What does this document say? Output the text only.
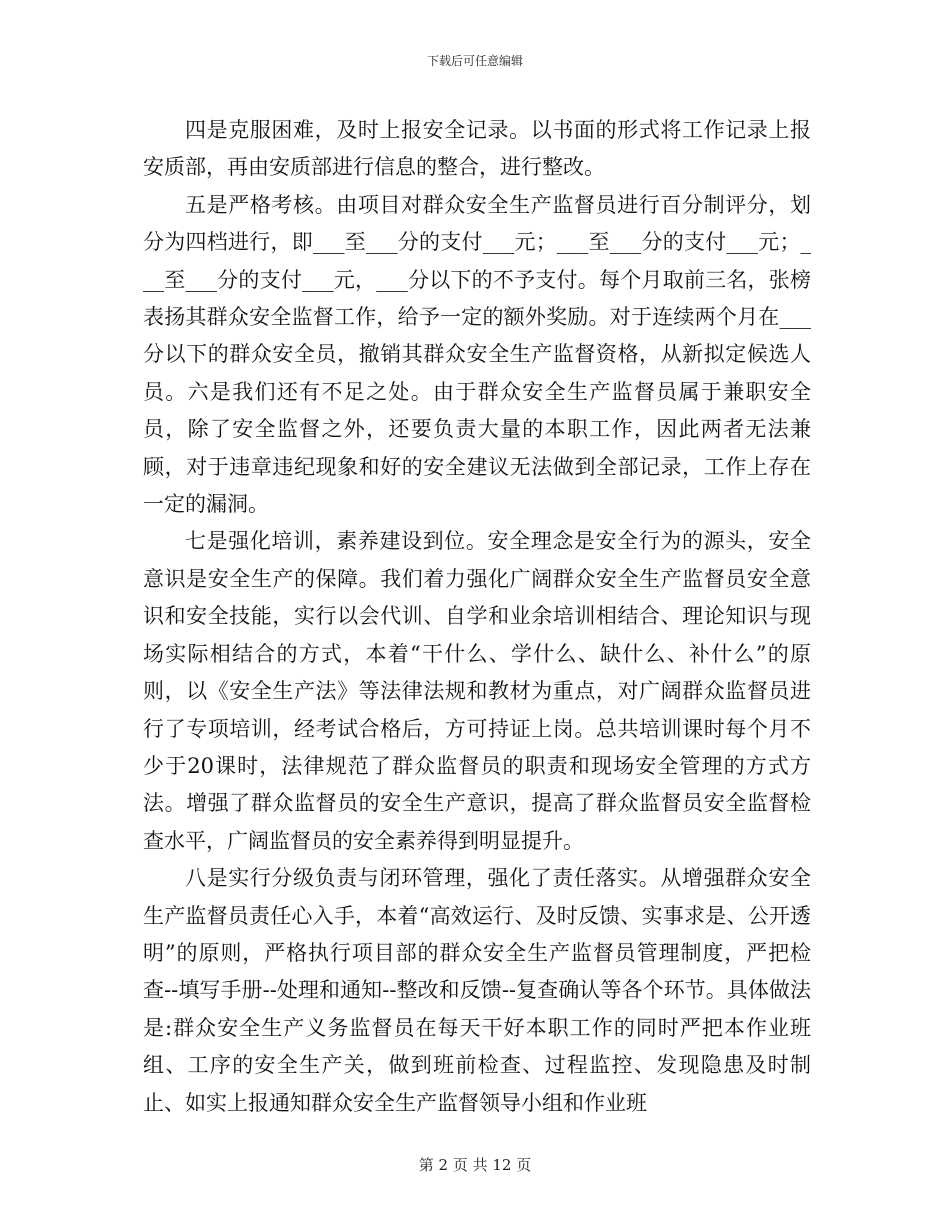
下载后可任意编辑

四是克服困难，及时上报安全记录。以书面的形式将工作记录上报安质部，再由安质部进行信息的整合，进行整改。

五是严格考核。由项目对群众安全生产监督员进行百分制评分，划分为四档进行，即___至___分的支付___元；___至___分的支付___元；___至___分的支付___元，___分以下的不予支付。每个月取前三名，张榜表扬其群众安全监督工作，给予一定的额外奖励。对于连续两个月在___分以下的群众安全员，撤销其群众安全生产监督资格，从新拟定候选人员。六是我们还有不足之处。由于群众安全生产监督员属于兼职安全员，除了安全监督之外，还要负责大量的本职工作，因此两者无法兼顾，对于违章违纪现象和好的安全建议无法做到全部记录，工作上存在一定的漏洞。

七是强化培训，素养建设到位。安全理念是安全行为的源头，安全意识是安全生产的保障。我们着力强化广阔群众安全生产监督员安全意识和安全技能，实行以会代训、自学和业余培训相结合、理论知识与现场实际相结合的方式，本着“干什么、学什么、缺什么、补什么”的原则，以《安全生产法》等法律法规和教材为重点，对广阔群众监督员进行了专项培训，经考试合格后，方可持证上岗。总共培训课时每个月不少于20课时，法律规范了群众监督员的职责和现场安全管理的方式方法。增强了群众监督员的安全生产意识，提高了群众监督员安全监督检查水平，广阔监督员的安全素养得到明显提升。

八是实行分级负责与闭环管理，强化了责任落实。从增强群众安全生产监督员责任心入手，本着“高效运行、及时反馈、实事求是、公开透明”的原则，严格执行项目部的群众安全生产监督员管理制度，严把检查--填写手册--处理和通知--整改和反馈--复查确认等各个环节。具体做法是:群众安全生产义务监督员在每天干好本职工作的同时严把本作业班组、工序的安全生产关，做到班前检查、过程监控、发现隐患及时制止、如实上报通知群众安全生产监督领导小组和作业班

第 2 页 共 12 页
